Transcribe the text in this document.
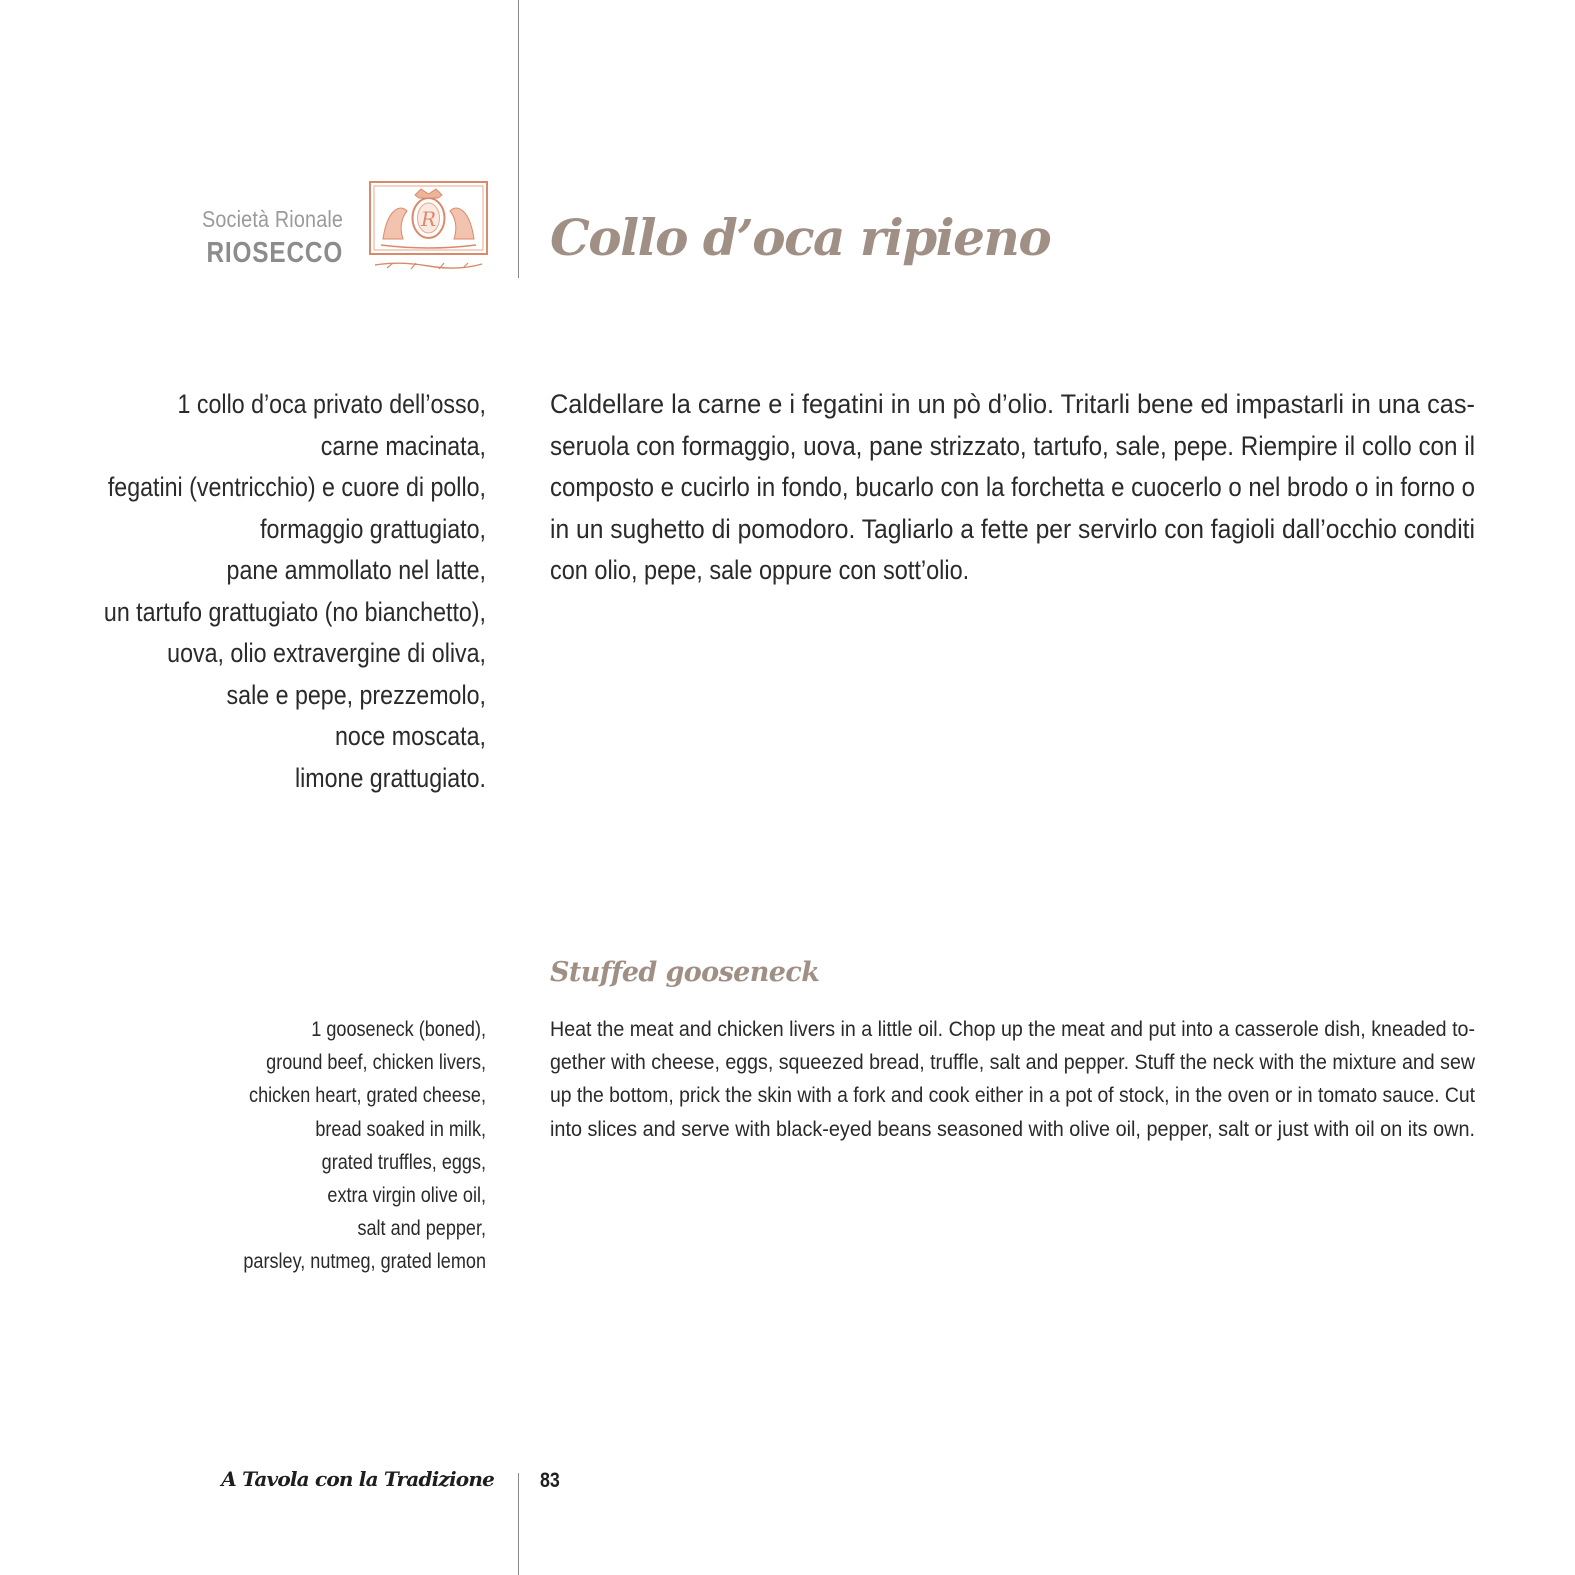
Società Rionale
RIOSECCO
R Collo d’oca ripieno
1 collo d’oca privato dell’osso,
carne macinata,
fegatini (ventricchio) e cuore di pollo,
formaggio grattugiato,
pane ammollato nel latte,
un tartufo grattugiato (no bianchetto),
uova, olio extravergine di oliva,
sale e pepe, prezzemolo,
noce moscata,
limone grattugiato.
Caldellare la carne e i fegatini in un pò d’olio. Tritarli bene ed impastarli in una cas-
seruola con formaggio, uova, pane strizzato, tartufo, sale, pepe. Riempire il collo con il
composto e cucirlo in fondo, bucarlo con la forchetta e cuocerlo o nel brodo o in forno o
in un sughetto di pomodoro. Tagliarlo a fette per servirlo con fagioli dall’occhio conditi
con olio, pepe, sale oppure con sott’olio.
Stuffed gooseneck
1 gooseneck (boned),
ground beef, chicken livers,
chicken heart, grated cheese,
bread soaked in milk,
grated truffles, eggs,
extra virgin olive oil,
salt and pepper,
parsley, nutmeg, grated lemon
Heat the meat and chicken livers in a little oil. Chop up the meat and put into a casserole dish, kneaded to-
gether with cheese, eggs, squeezed bread, truffle, salt and pepper. Stuff the neck with the mixture and sew
up the bottom, prick the skin with a fork and cook either in a pot of stock, in the oven or in tomato sauce. Cut
into slices and serve with black-eyed beans seasoned with olive oil, pepper, salt or just with oil on its own.
A Tavola con la Tradizione 83
